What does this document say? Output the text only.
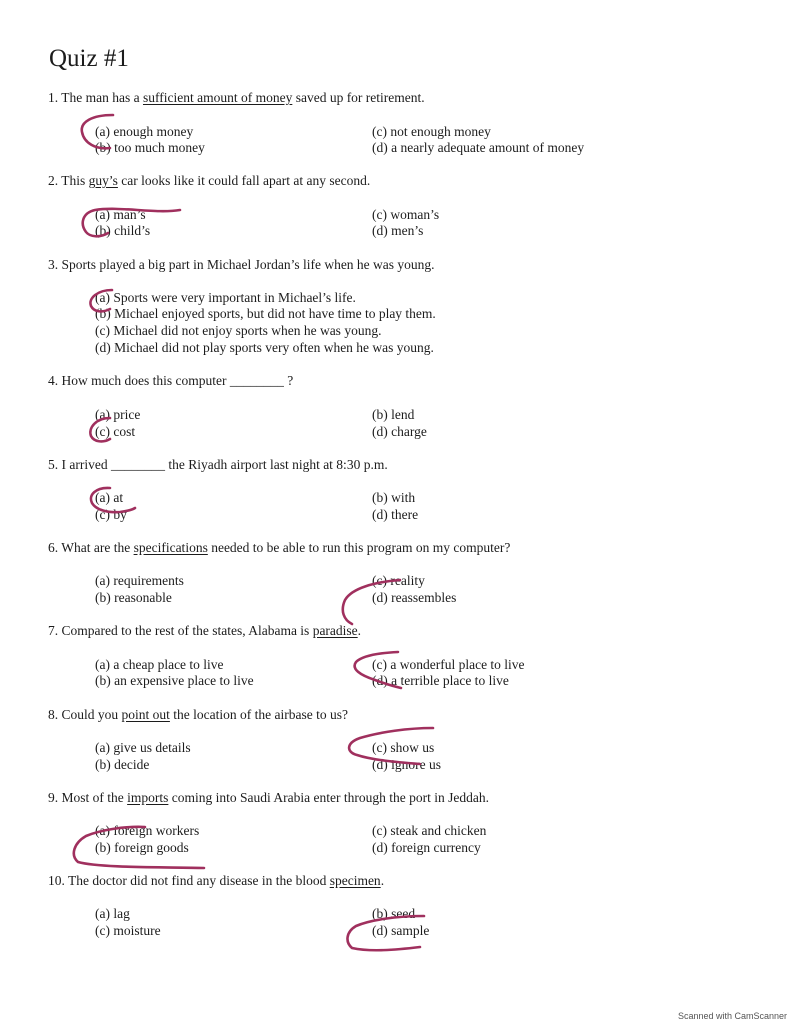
Quiz #1
1. The man has a sufficient amount of money saved up for retirement.
(a) enough money	(c) not enough money
(b) too much money	(d) a nearly adequate amount of money
2. This guy’s car looks like it could fall apart at any second.
(a) man’s	(c) woman’s
(b) child’s	(d) men’s
3. Sports played a big part in Michael Jordan’s life when he was young.
(a) Sports were very important in Michael’s life.
(b) Michael enjoyed sports, but did not have time to play them.
(c) Michael did not enjoy sports when he was young.
(d) Michael did not play sports very often when he was young.
4. How much does this computer ________ ?
(a) price	(b) lend
(c) cost	(d) charge
5. I arrived ________ the Riyadh airport last night at 8:30 p.m.
(a) at	(b) with
(c) by	(d) there
6. What are the specifications needed to be able to run this program on my computer?
(a) requirements	(c) reality
(b) reasonable	(d) reassembles
7. Compared to the rest of the states, Alabama is paradise.
(a) a cheap place to live	(c) a wonderful place to live
(b) an expensive place to live	(d) a terrible place to live
8. Could you point out the location of the airbase to us?
(a) give us details	(c) show us
(b) decide	(d) ignore us
9. Most of the imports coming into Saudi Arabia enter through the port in Jeddah.
(a) foreign workers	(c) steak and chicken
(b) foreign goods	(d) foreign currency
10. The doctor did not find any disease in the blood specimen.
(a) lag	(b) seed
(c) moisture	(d) sample
Scanned with CamScanner
